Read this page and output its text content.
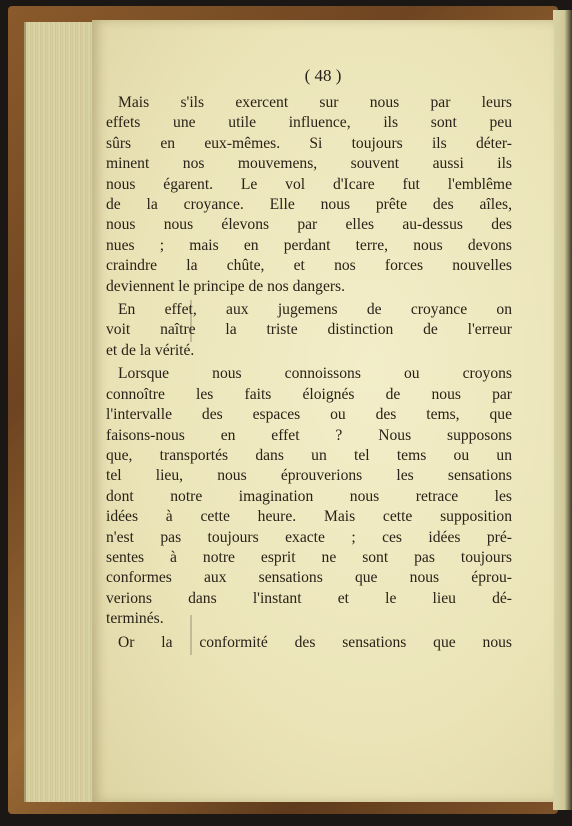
( 48 )
Mais s'ils exercent sur nous par leurs
effets une utile influence, ils sont peu
sûrs en eux-mêmes. Si toujours ils déter-
minent nos mouvemens, souvent aussi ils
nous égarent. Le vol d'Icare fut l'emblême
de la croyance. Elle nous prête des aîles,
nous nous élevons par elles au-dessus des
nues ; mais en perdant terre, nous devons
craindre la chûte, et nos forces nouvelles
deviennent le principe de nos dangers.
En effet, aux jugemens de croyance on
voit naître la triste distinction de l'erreur
et de la vérité.
Lorsque nous connoissons ou croyons
connoître les faits éloignés de nous par
l'intervalle des espaces ou des tems, que
faisons-nous en effet ? Nous supposons
que, transportés dans un tel tems ou un
tel lieu, nous éprouverions les sensations
dont notre imagination nous retrace les
idées à cette heure. Mais cette supposition
n'est pas toujours exacte ; ces idées pré-
sentes à notre esprit ne sont pas toujours
conformes aux sensations que nous éprou-
verions dans l'instant et le lieu dé-
terminés.
Or la conformité des sensations que nous
